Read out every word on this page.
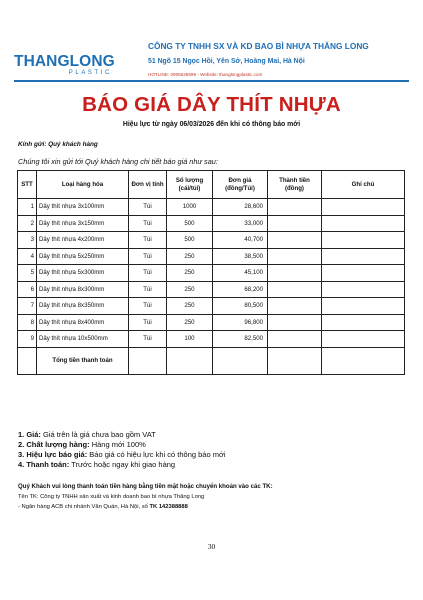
THANGLONG
PLASTIC
CÔNG TY TNHH SX VÀ KD BAO BÌ NHỰA THĂNG LONG
51 Ngõ 15 Ngọc Hồi, Yên Sở, Hoàng Mai, Hà Nội
HOTLINE: 0905626699 - Website: thanglongplastic.com
BÁO GIÁ DÂY THÍT NHỰA
Hiệu lực từ ngày 06/03/2026 đến khi có thông báo mới
Kính gửi: Quý khách hàng
Chúng tôi xin gửi tới Quý khách hàng chi tiết báo giá như sau:
STT	Loại hàng hóa	Đơn vị tính	Số lượng (cái/túi)	Đơn giá (đồng/Túi)	Thành tiền (đồng)	Ghi chú
1	Dây thít nhựa 3x100mm	Túi	1000	28,600		
2	Dây thít nhựa 3x150mm	Túi	500	33,000		
3	Dây thít nhựa 4x200mm	Túi	500	40,700		
4	Dây thít nhựa 5x250mm	Túi	250	38,500		
5	Dây thít nhựa 5x300mm	Túi	250	45,100		
6	Dây thít nhựa 8x300mm	Túi	250	68,200		
7	Dây thít nhựa 8x350mm	Túi	250	80,500		
8	Dây thít nhựa 8x400mm	Túi	250	96,800		
9	Dây thít nhựa 10x500mm	Túi	100	82,500		
	Tổng tiền thanh toán					
1. Giá: Giá trên là giá chưa bao gồm VAT
2. Chất lượng hàng: Hàng mới 100%
3. Hiệu lực báo giá: Báo giá có hiệu lực khi có thông báo mới
4. Thanh toán: Trước hoặc ngay khi giao hàng
Quý Khách vui lòng thanh toán tiền hàng bằng tiền mặt hoặc chuyển khoản vào các TK:
Tên TK: Công ty TNHH sản xuất và kinh doanh bao bì nhựa Thăng Long
- Ngân hàng ACB chi nhánh Văn Quán, Hà Nội, số TK 142388888
30
